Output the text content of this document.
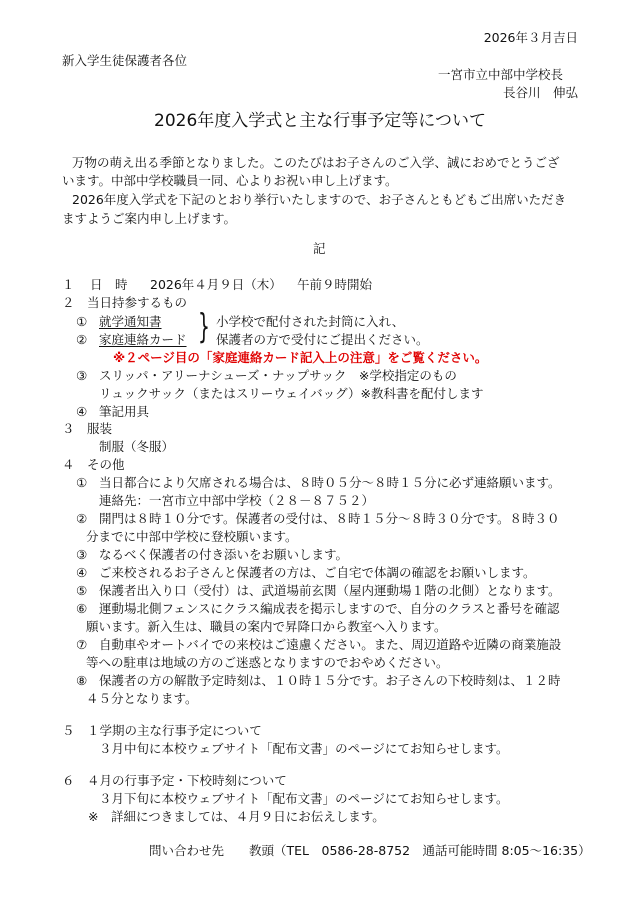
2026年３月吉日
新入学生徒保護者各位
一宮市立中部中学校長
長谷川　伸弘
2026年度入学式と主な行事予定等について
万物の萌え出る季節となりました。このたびはお子さんのご入学、誠におめでとうござ
います。中部中学校職員一同、心よりお祝い申し上げます。
2026年度入学式を下記のとおり挙行いたしますので、お子さんともどもご出席いただき
ますようご案内申し上げます。
記
１ 日　時 2026年４月９日（木） 午前９時開始
２　当日持参するもの
① 就学通知書	小学校で配付された封筒に入れ、
}
② 家庭連絡カード 保護者の方で受付にご提出ください。
※２ページ目の「家庭連絡カード記入上の注意」をご覧ください。
③ スリッパ・アリーナシューズ・ナップサック　※学校指定のもの
リュックサック（またはスリーウェイバッグ）※教科書を配付します
④ 筆記用具
３　服装
制服（冬服）
４　その他
① 当日都合により欠席される場合は、８時０５分～８時１５分に必ず連絡願います。
連絡先：一宮市立中部中学校（２８－８７５２）
② 開門は８時１０分です。保護者の受付は、８時１５分～８時３０分です。８時３０
分までに中部中学校に登校願います。
③ なるべく保護者の付き添いをお願いします。
④ ご来校されるお子さんと保護者の方は、ご自宅で体調の確認をお願いします。
⑤ 保護者出入り口（受付）は、武道場前玄関（屋内運動場１階の北側）となります。
⑥ 運動場北側フェンスにクラス編成表を掲示しますので、自分のクラスと番号を確認
願います。新入生は、職員の案内で昇降口から教室へ入ります。
⑦ 自動車やオートバイでの来校はご遠慮ください。また、周辺道路や近隣の商業施設
等への駐車は地域の方のご迷惑となりますのでおやめください。
⑧ 保護者の方の解散予定時刻は、１０時１５分です。お子さんの下校時刻は、１２時
４５分となります。
５　１学期の主な行事予定について
３月中旬に本校ウェブサイト「配布文書」のページにてお知らせします。
６　４月の行事予定・下校時刻について
３月下旬に本校ウェブサイト「配布文書」のページにてお知らせします。
※　詳細につきましては、４月９日にお伝えします。
問い合わせ先　　教頭（TEL　0586-28-8752　通話可能時間 8:05～16:35）
